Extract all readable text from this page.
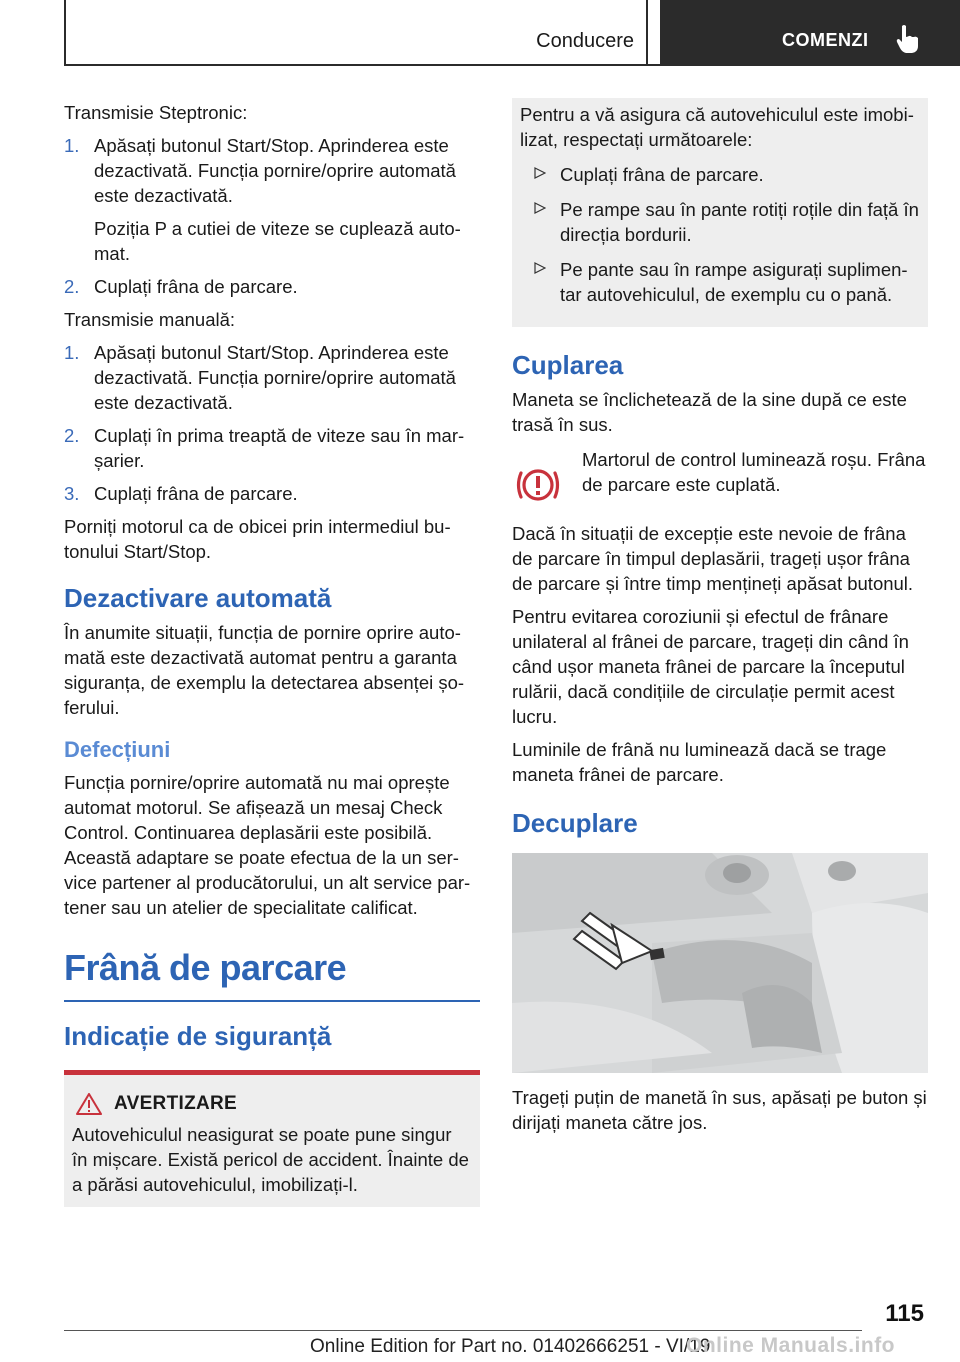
Conducere	COMENZI

Transmisie Steptronic:

1. Apăsați butonul Start/Stop. Aprinderea este dezactivată. Funcția pornire/oprire automată este dezactivată.
Poziția P a cutiei de viteze se cuplează auto-mat.
2. Cuplați frâna de parcare.

Transmisie manuală:

1. Apăsați butonul Start/Stop. Aprinderea este dezactivată. Funcția pornire/oprire automată este dezactivată.
2. Cuplați în prima treaptă de viteze sau în mar-șarier.
3. Cuplați frâna de parcare.

Porniți motorul ca de obicei prin intermediul bu-tonului Start/Stop.

Dezactivare automată

În anumite situații, funcția de pornire oprire auto-mată este dezactivată automat pentru a garanta siguranța, de exemplu la detectarea absenței șo-ferului.

Defecțiuni

Funcția pornire/oprire automată nu mai oprește automat motorul. Se afișează un mesaj Check Control. Continuarea deplasării este posibilă. Această adaptare se poate efectua de la un ser-vice partener al producătorului, un alt service par-tener sau un atelier de specialitate calificat.

Frână de parcare
Indicație de siguranță
AVERTIZARE

Autovehiculul neasigurat se poate pune singur în mișcare. Există pericol de accident. Înainte de a părăsi autovehiculul, imobilizați-l.

Pentru a vă asigura că autovehiculul este imobi-lizat, respectați următoarele:

Cuplați frâna de parcare.
Pe rampe sau în pante rotiți roțile din față în direcția bordurii.
Pe pante sau în rampe asigurați suplimen-tar autovehiculul, de exemplu cu o pană.
Cuplarea

Maneta se înclichetează de la sine după ce este trasă în sus.

Martorul de control luminează roșu. Frâna de parcare este cuplată.

Dacă în situații de excepție este nevoie de frâna de parcare în timpul deplasării, trageți ușor frâna de parcare și între timp mențineți apăsat butonul.

Pentru evitarea coroziunii și efectul de frânare unilateral al frânei de parcare, trageți din când în când ușor maneta frânei de parcare la începutul rulării, dacă condițiile de circulație permit acest lucru.

Luminile de frână nu luminează dacă se trage maneta frânei de parcare.

Decuplare

Trageți puțin de manetă în sus, apăsați pe buton și dirijați maneta către jos.

115
Online Edition for Part no. 01402666251 - VI/19
Online Manuals.info
